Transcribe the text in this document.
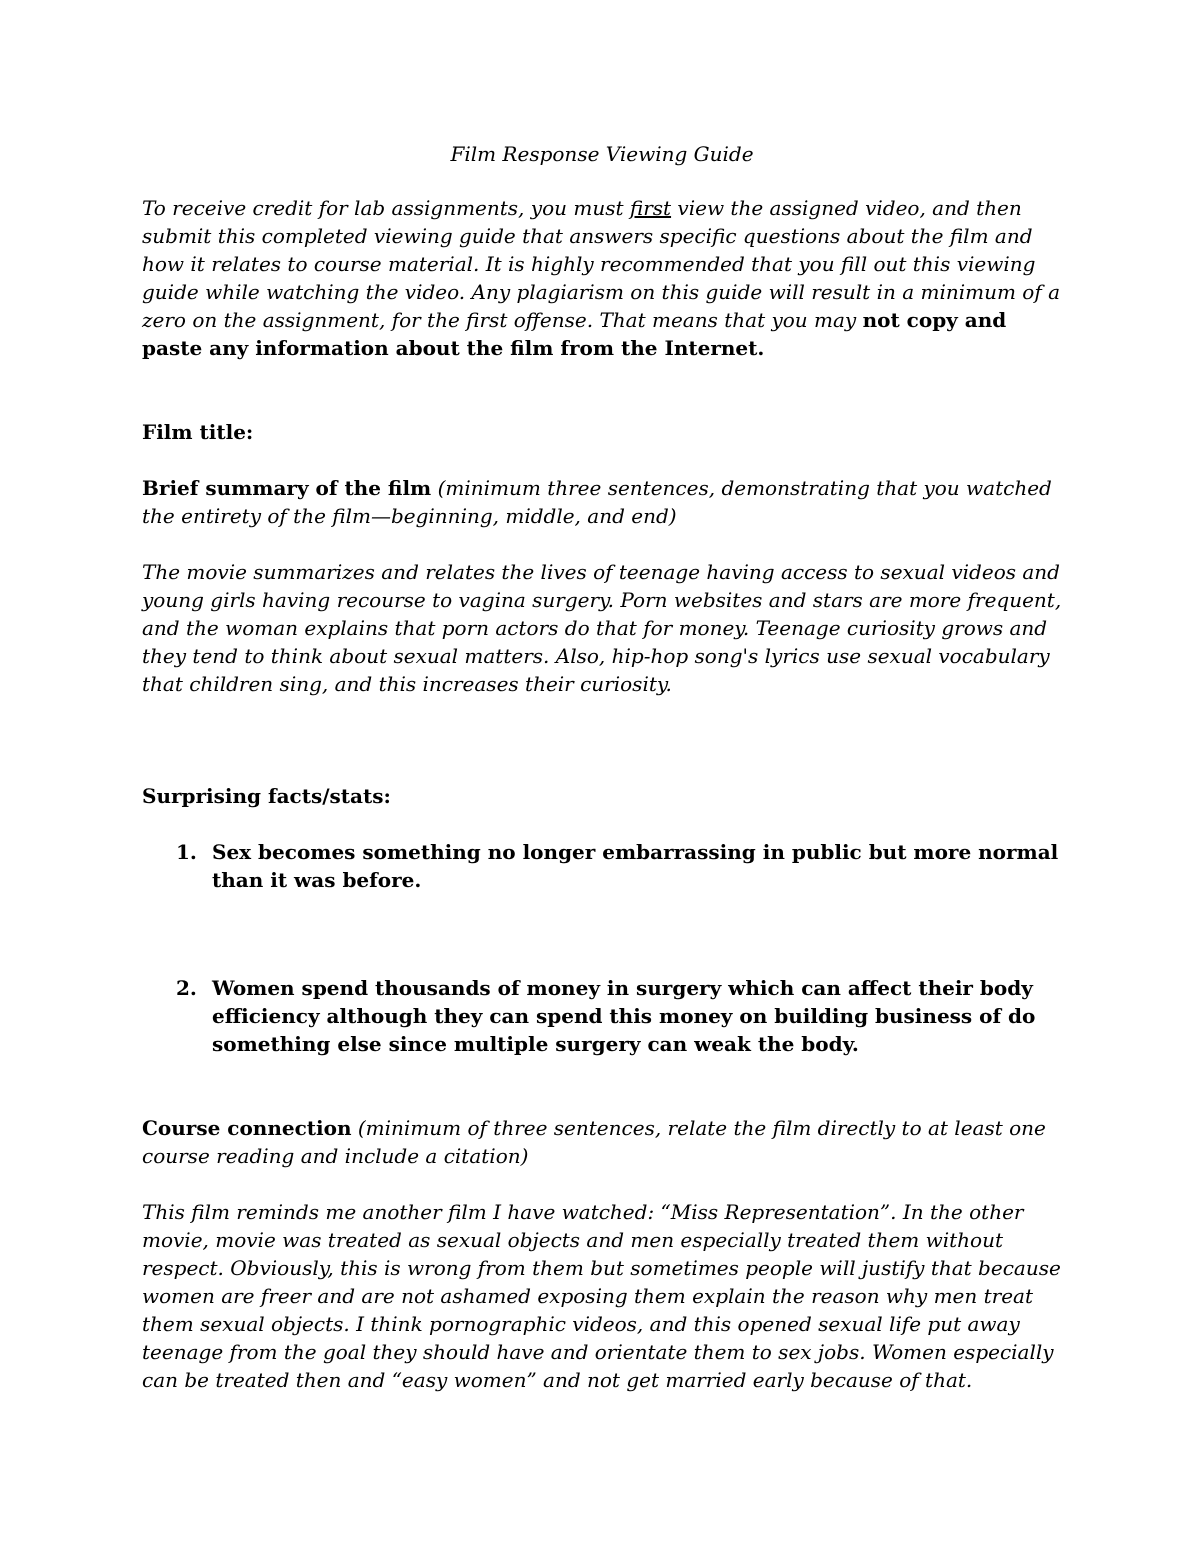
Film Response Viewing Guide

To receive credit for lab assignments, you must first view the assigned video, and then submit this completed viewing guide that answers specific questions about the film and how it relates to course material. It is highly recommended that you fill out this viewing guide while watching the video. Any plagiarism on this guide will result in a minimum of a zero on the assignment, for the first offense. That means that you may not copy and paste any information about the film from the Internet.

Film title:

Brief summary of the film (minimum three sentences, demonstrating that you watched the entirety of the film—beginning, middle, and end)

The movie summarizes and relates the lives of teenage having access to sexual videos and young girls having recourse to vagina surgery. Porn websites and stars are more frequent, and the woman explains that porn actors do that for money. Teenage curiosity grows and they tend to think about sexual matters. Also, hip-hop song's lyrics use sexual vocabulary that children sing, and this increases their curiosity.

Surprising facts/stats:

1. Sex becomes something no longer embarrassing in public but more normal than it was before.
2. Women spend thousands of money in surgery which can affect their body efficiency although they can spend this money on building business of do something else since multiple surgery can weak the body.

Course connection (minimum of three sentences, relate the film directly to at least one course reading and include a citation)

This film reminds me another film I have watched: “Miss Representation”. In the other movie, movie was treated as sexual objects and men especially treated them without respect. Obviously, this is wrong from them but sometimes people will justify that because women are freer and are not ashamed exposing them explain the reason why men treat them sexual objects. I think pornographic videos, and this opened sexual life put away teenage from the goal they should have and orientate them to sex jobs. Women especially can be treated then and “easy women” and not get married early because of that.
